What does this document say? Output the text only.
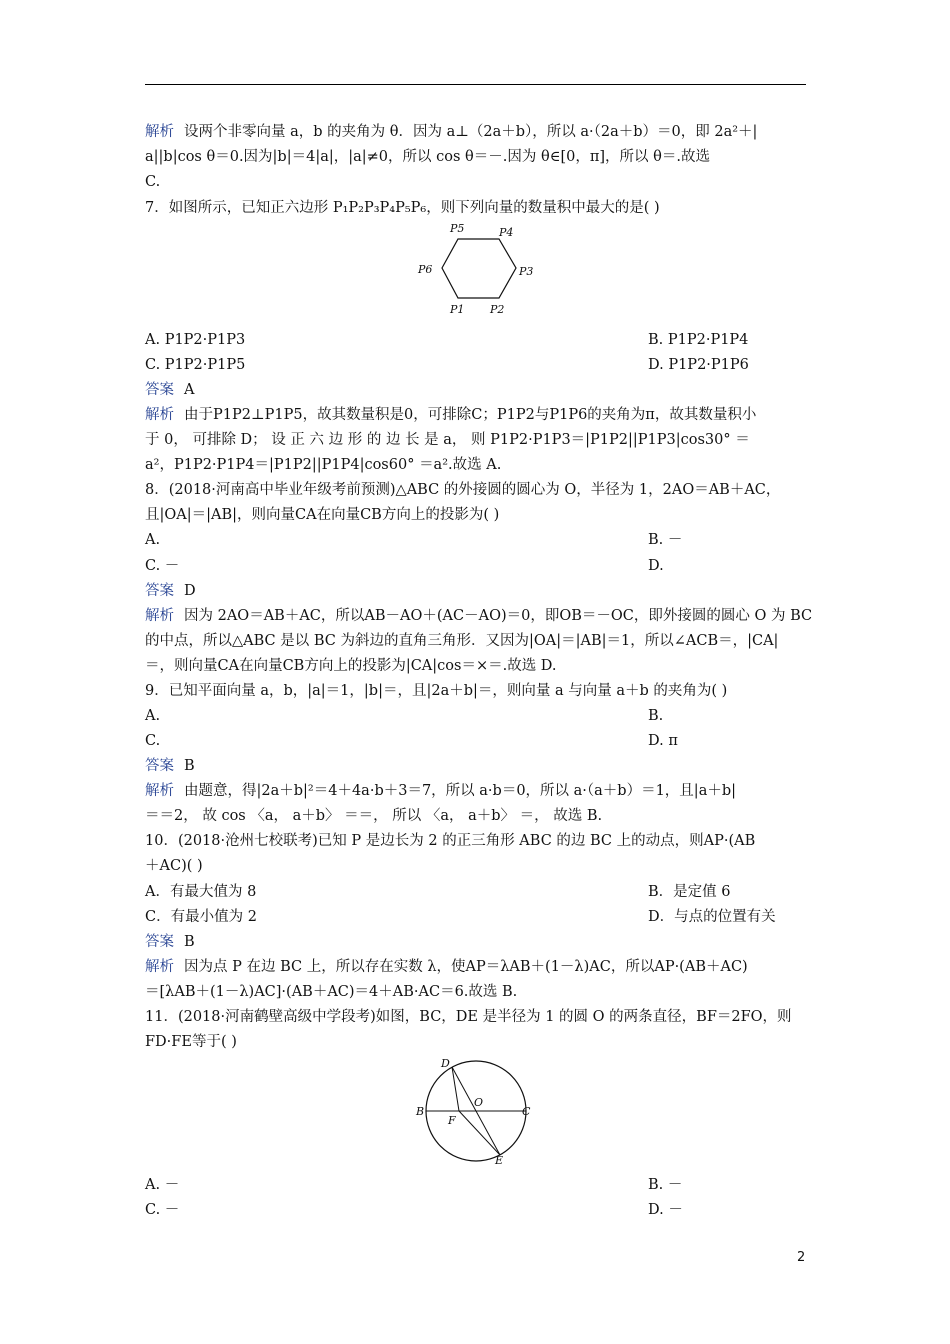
解析 设两个非零向量 a，b 的夹角为 θ．因为 a⊥（2a＋b），所以 a·（2a＋b）＝0，即 2a²＋|
a||b|cos θ＝0.因为|b|＝4|a|，|a|≠0，所以 cos θ＝－.因为 θ∈[0，π]，所以 θ＝.故选
C.
7．如图所示，已知正六边形 P₁P₂P₃P₄P₅P₆，则下列向量的数量积中最大的是( )
P5	P4
P6	P3
P1 P2
A. P1P2·P1P3	B. P1P2·P1P4
C. P1P2·P1P5	D. P1P2·P1P6
答案 A
解析 由于P1P2⊥P1P5，故其数量积是0，可排除C；P1P2与P1P6的夹角为π，故其数量积小
于 0， 可排除 D； 设 正 六 边 形 的 边 长 是 a， 则 P1P2·P1P3＝|P1P2||P1P3|cos30° ＝
a²，P1P2·P1P4＝|P1P2||P1P4|cos60° ＝a².故选 A.
8．(2018·河南高中毕业年级考前预测)△ABC 的外接圆的圆心为 O，半径为 1，2AO＝AB＋AC，
且|OA|＝|AB|，则向量CA在向量CB方向上的投影为( )
A.	B. －
C. －	D.
答案 D
解析 因为 2AO＝AB＋AC，所以AB－AO＋(AC－AO)＝0，即OB＝－OC，即外接圆的圆心 O 为 BC
的中点，所以△ABC 是以 BC 为斜边的直角三角形．又因为|OA|＝|AB|＝1，所以∠ACB＝，|CA|
＝，则向量CA在向量CB方向上的投影为|CA|cos＝×＝.故选 D.
9．已知平面向量 a，b，|a|＝1，|b|＝，且|2a＋b|＝，则向量 a 与向量 a＋b 的夹角为( )
A.	B.
C.	D. π
答案 B
解析 由题意，得|2a＋b|²＝4＋4a·b＋3＝7，所以 a·b＝0，所以 a·（a＋b）＝1，且|a＋b|
＝＝2， 故 cos 〈a， a＋b〉 ＝＝， 所以 〈a， a＋b〉 ＝， 故选 B.
10．(2018·沧州七校联考)已知 P 是边长为 2 的正三角形 ABC 的边 BC 上的动点，则AP·(AB
＋AC)( )
A．有最大值为 8	B．是定值 6
C．有最小值为 2	D．与点的位置有关
答案 B
解析 因为点 P 在边 BC 上，所以存在实数 λ，使AP＝λAB＋(1－λ)AC，所以AP·(AB＋AC)
＝[λAB＋(1－λ)AC]·(AB＋AC)＝4＋AB·AC＝6.故选 B.
11．(2018·河南鹤壁高级中学段考)如图，BC，DE 是半径为 1 的圆 O 的两条直径，BF＝2FO，则
FD·FE等于( )
D
O
B	C
F
E
A. －	B. －
C. －	D. －
2
